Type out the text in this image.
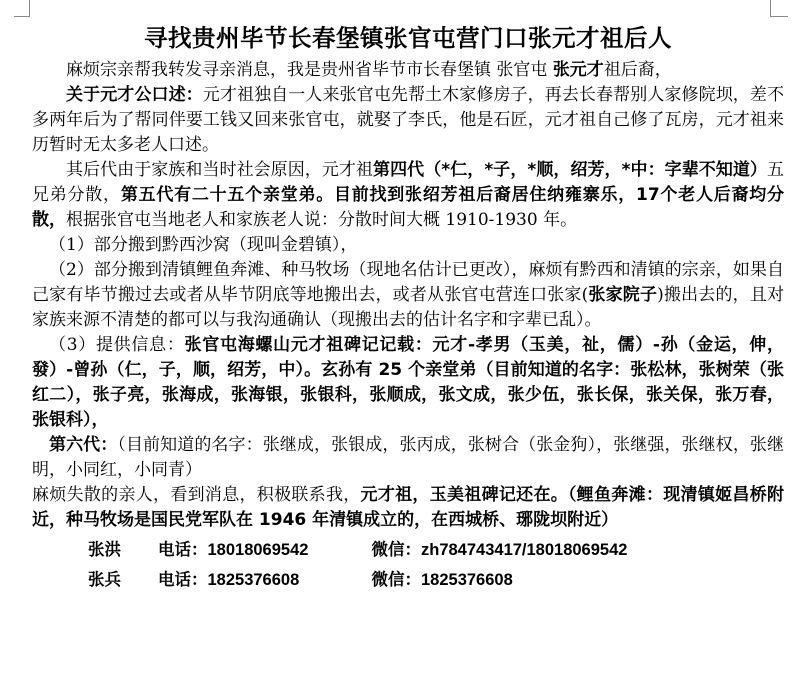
寻找贵州毕节长春堡镇张官屯营门口张元才祖后人

麻烦宗亲帮我转发寻亲消息，我是贵州省毕节市长春堡镇 张官屯 张元才祖后裔，

关于元才公口述：元才祖独自一人来张官屯先帮土木家修房子，再去长春帮别人家修院坝，差不多两年后为了帮同伴要工钱又回来张官屯，就娶了李氏，他是石匠，元才祖自己修了瓦房，元才祖来历暂时无太多老人口述。

其后代由于家族和当时社会原因，元才祖第四代（*仁，*子，*顺，绍芳，*中：字辈不知道）五兄弟分散，第五代有二十五个亲堂弟。目前找到张绍芳祖后裔居住纳雍寨乐，17个老人后裔均分散，根据张官屯当地老人和家族老人说：分散时间大概 1910-1930 年。

（1）部分搬到黔西沙窝（现叫金碧镇），

（2）部分搬到清镇鲤鱼奔滩、种马牧场（现地名估计已更改），麻烦有黔西和清镇的宗亲，如果自己家有毕节搬过去或者从毕节阴底等地搬出去，或者从张官屯营连口张家(张家院子)搬出去的，且对家族来源不清楚的都可以与我沟通确认（现搬出去的估计名字和字辈已乱）。

（3）提供信息：张官屯海螺山元才祖碑记记载：元才-孝男（玉美，祉，儒）-孙（金运，伸，發）-曾孙（仁，子，顺，绍芳，中）。玄孙有 25 个亲堂弟（目前知道的名字：张松林，张树荣（张红二），张子亮，张海成，张海银，张银科，张顺成，张文成，张少伍，张长保，张关保，张万春，张银科），

第六代：（目前知道的名字：张继成，张银成，张丙成，张树合（张金狗），张继强，张继权，张继明，小同红，小同青）

麻烦失散的亲人，看到消息，积极联系我，元才祖，玉美祖碑记还在。（鲤鱼奔滩：现清镇姬昌桥附近，种马牧场是国民党军队在 1946 年清镇成立的，在西城桥、琊陇坝附近）

张洪	电话： 18018069542	微信： zh784743417/18018069542
张兵	电话： 1825376608	微信： 1825376608
